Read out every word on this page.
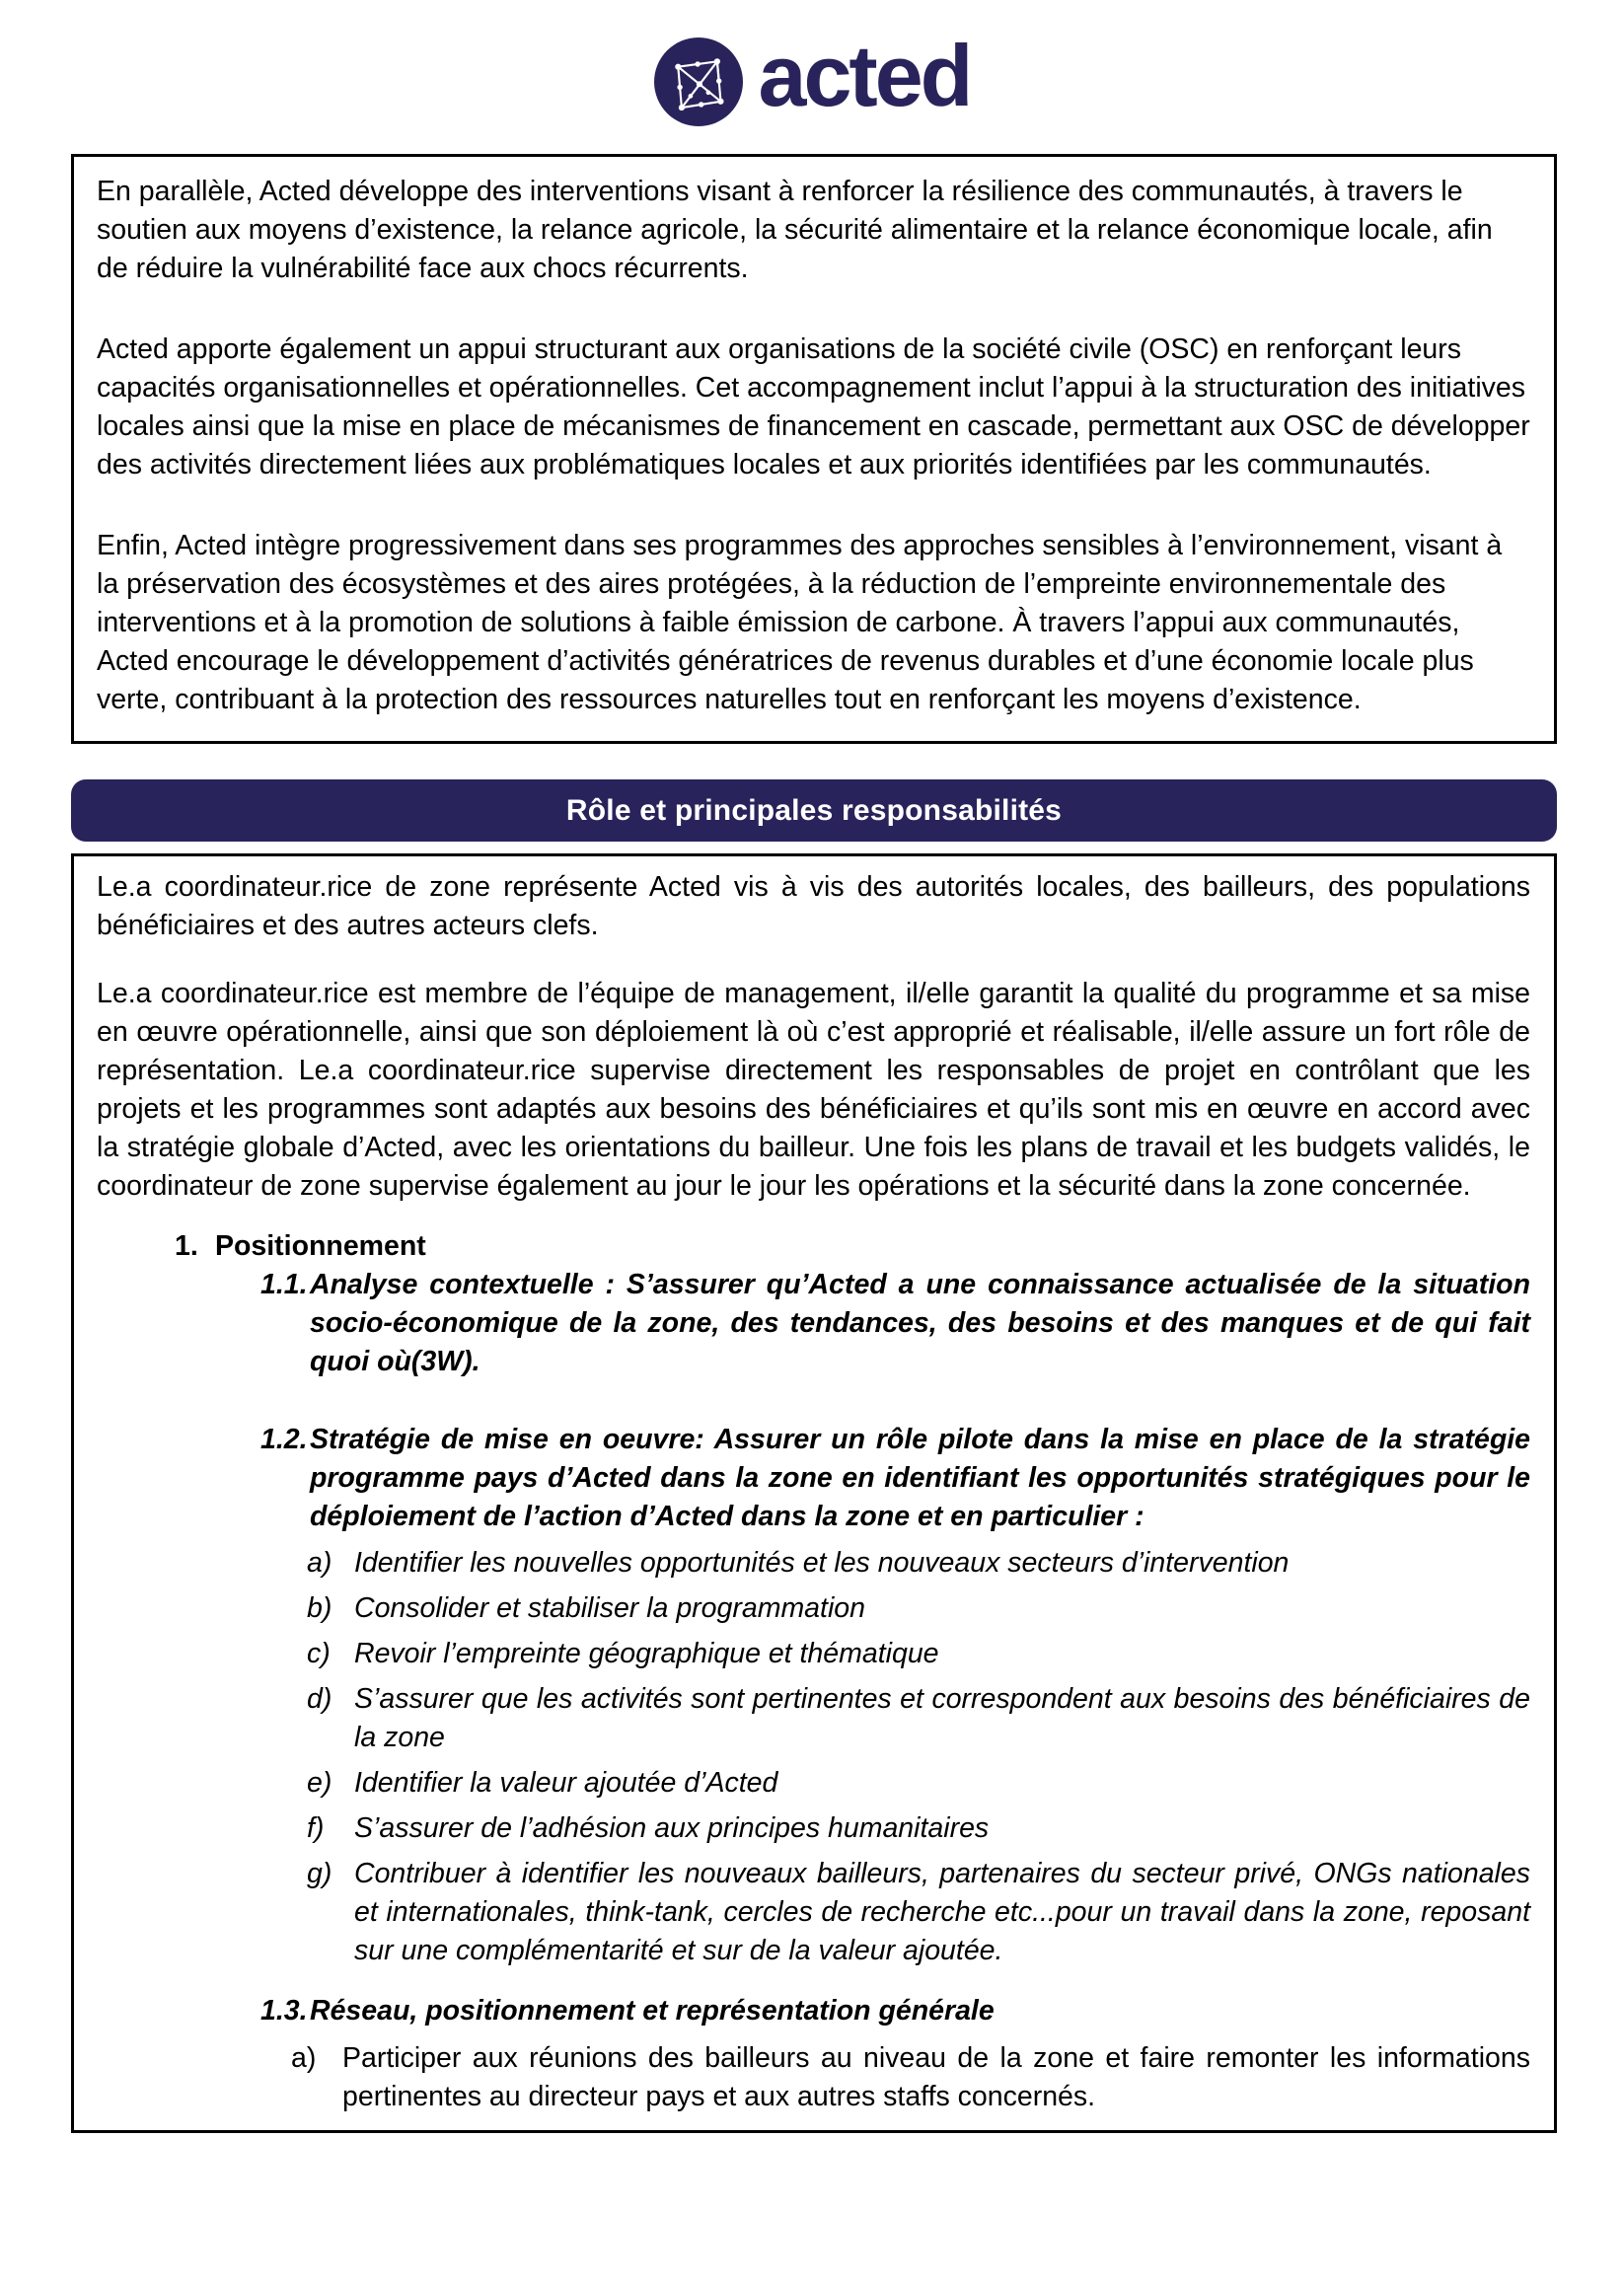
acted

En parallèle, Acted développe des interventions visant à renforcer la résilience des communautés, à travers le soutien aux moyens d’existence, la relance agricole, la sécurité alimentaire et la relance économique locale, afin de réduire la vulnérabilité face aux chocs récurrents.

Acted apporte également un appui structurant aux organisations de la société civile (OSC) en renforçant leurs capacités organisationnelles et opérationnelles. Cet accompagnement inclut l’appui à la structuration des initiatives locales ainsi que la mise en place de mécanismes de financement en cascade, permettant aux OSC de développer des activités directement liées aux problématiques locales et aux priorités identifiées par les communautés.

Enfin, Acted intègre progressivement dans ses programmes des approches sensibles à l’environnement, visant à la préservation des écosystèmes et des aires protégées, à la réduction de l’empreinte environnementale des interventions et à la promotion de solutions à faible émission de carbone. À travers l’appui aux communautés, Acted encourage le développement d’activités génératrices de revenus durables et d’une économie locale plus verte, contribuant à la protection des ressources naturelles tout en renforçant les moyens d’existence.

Rôle et principales responsabilités

Le.a coordinateur.rice de zone représente Acted vis à vis des autorités locales, des bailleurs, des populations bénéficiaires et des autres acteurs clefs.

Le.a coordinateur.rice est membre de l’équipe de management, il/elle garantit la qualité du programme et sa mise en œuvre opérationnelle, ainsi que son déploiement là où c’est approprié et réalisable, il/elle assure un fort rôle de représentation. Le.a coordinateur.rice supervise directement les responsables de projet en contrôlant que les projets et les programmes sont adaptés aux besoins des bénéficiaires et qu’ils sont mis en œuvre en accord avec la stratégie globale d’Acted, avec les orientations du bailleur. Une fois les plans de travail et les budgets validés, le coordinateur de zone supervise également au jour le jour les opérations et la sécurité dans la zone concernée.

1. Positionnement
1.1. Analyse contextuelle : S’assurer qu’Acted a une connaissance actualisée de la situation socio-économique de la zone, des tendances, des besoins et des manques et de qui fait quoi où(3W).
1.2. Stratégie de mise en oeuvre: Assurer un rôle pilote dans la mise en place de la stratégie programme pays d’Acted dans la zone en identifiant les opportunités stratégiques pour le déploiement de l’action d’Acted dans la zone et en particulier :
a) Identifier les nouvelles opportunités et les nouveaux secteurs d’intervention
b) Consolider et stabiliser la programmation
c) Revoir l’empreinte géographique et thématique
d) S’assurer que les activités sont pertinentes et correspondent aux besoins des bénéficiaires de la zone
e) Identifier la valeur ajoutée d’Acted
f)	S’assurer de l’adhésion aux principes humanitaires
g) Contribuer à identifier les nouveaux bailleurs, partenaires du secteur privé, ONGs nationales et internationales, think-tank, cercles de recherche etc...pour un travail dans la zone, reposant sur une complémentarité et sur de la valeur ajoutée.
1.3. Réseau, positionnement et représentation générale
a) Participer aux réunions des bailleurs au niveau de la zone et faire remonter les informations pertinentes au directeur pays et aux autres staffs concernés.
